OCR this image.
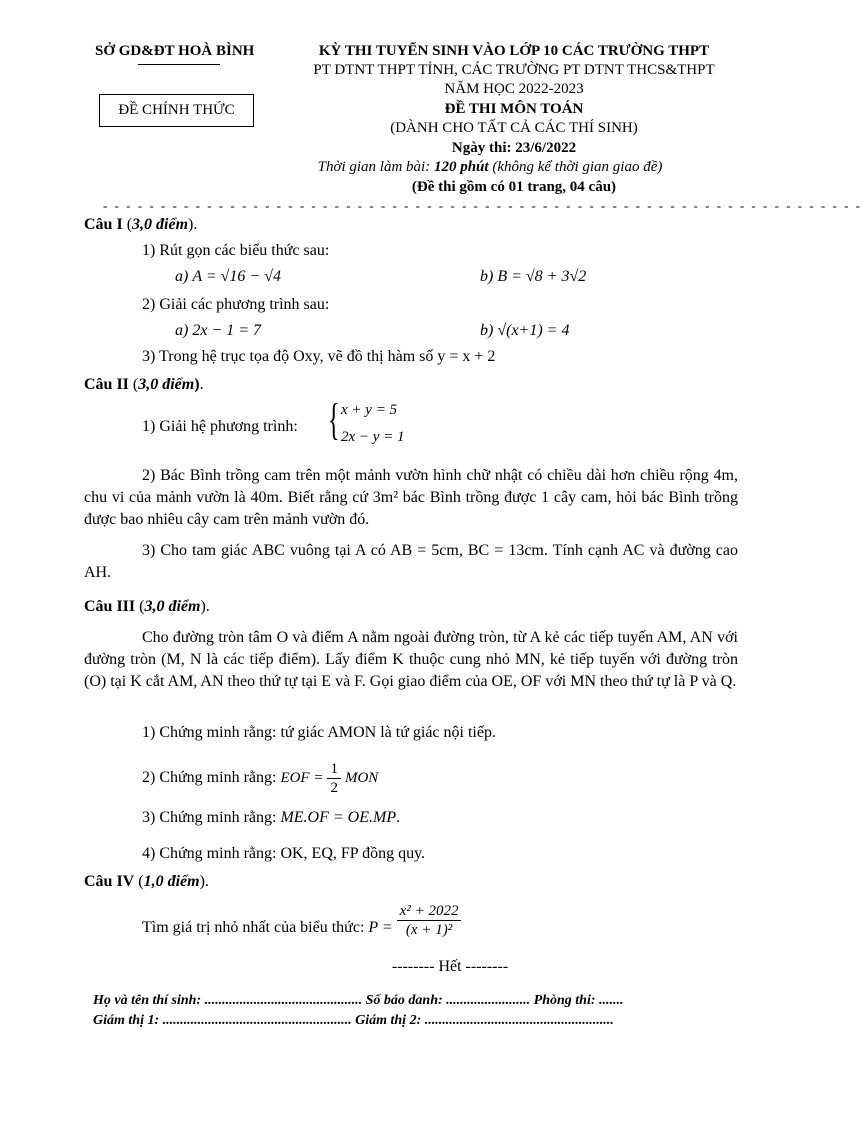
SỞ GD&ĐT HOÀ BÌNH	KỲ THI TUYỂN SINH VÀO LỚP 10 CÁC TRƯỜNG THPT
PT DTNT THPT TỈNH, CÁC TRƯỜNG PT DTNT THCS&THPT
NĂM HỌC 2022-2023
ĐỀ CHÍNH THỨC	ĐỀ THI MÔN TOÁN
(DÀNH CHO TẤT CẢ CÁC THÍ SINH)
Ngày thi: 23/6/2022
Thời gian làm bài: 120 phút (không kể thời gian giao đề)
(Đề thi gồm có 01 trang, 04 câu)
- - - - - - - - - - - - - - - - - - - - - - - - - - - - - - - - - - - - - - - - - - - - - - - - - - - - - - - - - - - - - - - - - -
Câu I (3,0 điểm).
1) Rút gọn các biểu thức sau:
a) A = √16 − √4	b) B = √8 + 3√2
2) Giải các phương trình sau:
a) 2x − 1 = 7	b) √(x+1) = 4
3) Trong hệ trục tọa độ Oxy, vẽ đồ thị hàm số y = x + 2
Câu II (3,0 điểm).
1) Giải hệ phương trình: { x + y = 5
2x − y = 1
2) Bác Bình trồng cam trên một mảnh vườn hình chữ nhật có chiều dài hơn chiều rộng 4m, chu vi của mảnh vườn là 40m. Biết rằng cứ 3m² bác Bình trồng được 1 cây cam, hỏi bác Bình trồng được bao nhiêu cây cam trên mảnh vườn đó.
3) Cho tam giác ABC vuông tại A có AB = 5cm, BC = 13cm. Tính cạnh AC và đường cao AH.
Câu III (3,0 điểm).
Cho đường tròn tâm O và điểm A nằm ngoài đường tròn, từ A kẻ các tiếp tuyến AM, AN với đường tròn (M, N là các tiếp điểm). Lấy điểm K thuộc cung nhỏ MN, kẻ tiếp tuyến với đường tròn (O) tại K cắt AM, AN theo thứ tự tại E và F. Gọi giao điểm của OE, OF với MN theo thứ tự là P và Q.
1) Chứng minh rằng: tứ giác AMON là tứ giác nội tiếp.
2) Chứng minh rằng: EOF = $\frac{1}{2}$ MON
3) Chứng minh rằng: ME.OF = OE.MP.
4) Chứng minh rằng: OK, EQ, FP đồng quy.
Câu IV (1,0 điểm).
Tìm giá trị nhỏ nhất của biểu thức: $P = \frac{\text{x² + 2022}}{\text{(x + 1)²}}$
-------- Hết --------
Họ và tên thí sinh: ............................................. Số báo danh: ........................ Phòng thi: .......
Giám thị 1: ...................................................... Giám thị 2: ......................................................
